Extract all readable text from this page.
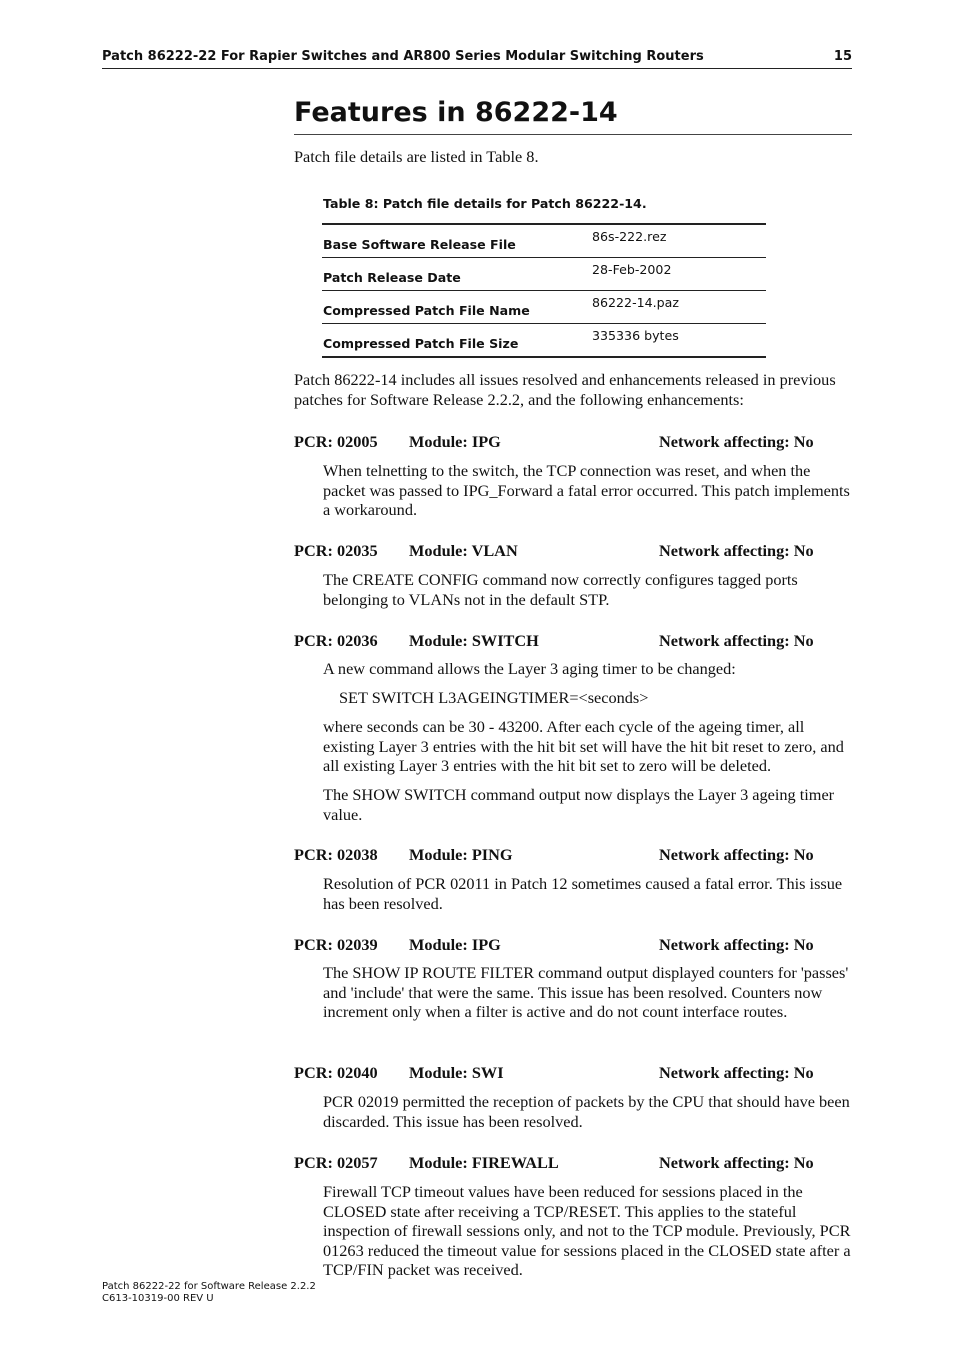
Patch 86222-22 For Rapier Switches and AR800 Series Modular Switching Routers	15
Features in 86222-14

Patch file details are listed in Table 8.

Table 8: Patch file details for Patch 86222-14.
Base Software Release File	86s-222.rez
Patch Release Date	28-Feb-2002
Compressed Patch File Name	86222-14.paz
Compressed Patch File Size	335336 bytes

Patch 86222-14 includes all issues resolved and enhancements released in previous patches for Software Release 2.2.2, and the following enhancements:

PCR: 02005 Module: IPG	Network affecting: No

When telnetting to the switch, the TCP connection was reset, and when the packet was passed to IPG_Forward a fatal error occurred. This patch implements a workaround.

PCR: 02035 Module: VLAN	Network affecting: No

The CREATE CONFIG command now correctly configures tagged ports belonging to VLANs not in the default STP.

PCR: 02036 Module: SWITCH	Network affecting: No

A new command allows the Layer 3 aging timer to be changed:

SET SWITCH L3AGEINGTIMER=<seconds>

where seconds can be 30 - 43200. After each cycle of the ageing timer, all existing Layer 3 entries with the hit bit set will have the hit bit reset to zero, and all existing Layer 3 entries with the hit bit set to zero will be deleted.

The SHOW SWITCH command output now displays the Layer 3 ageing timer value.

PCR: 02038 Module: PING	Network affecting: No

Resolution of PCR 02011 in Patch 12 sometimes caused a fatal error. This issue has been resolved.

PCR: 02039 Module: IPG	Network affecting: No

The SHOW IP ROUTE FILTER command output displayed counters for 'passes' and 'include' that were the same. This issue has been resolved. Counters now increment only when a filter is active and do not count interface routes.

PCR: 02040 Module: SWI	Network affecting: No

PCR 02019 permitted the reception of packets by the CPU that should have been discarded. This issue has been resolved.

PCR: 02057 Module: FIREWALL	Network affecting: No

Firewall TCP timeout values have been reduced for sessions placed in the CLOSED state after receiving a TCP/RESET. This applies to the stateful inspection of firewall sessions only, and not to the TCP module. Previously, PCR 01263 reduced the timeout value for sessions placed in the CLOSED state after a TCP/FIN packet was received.

Patch 86222-22 for Software Release 2.2.2
C613-10319-00 REV U
